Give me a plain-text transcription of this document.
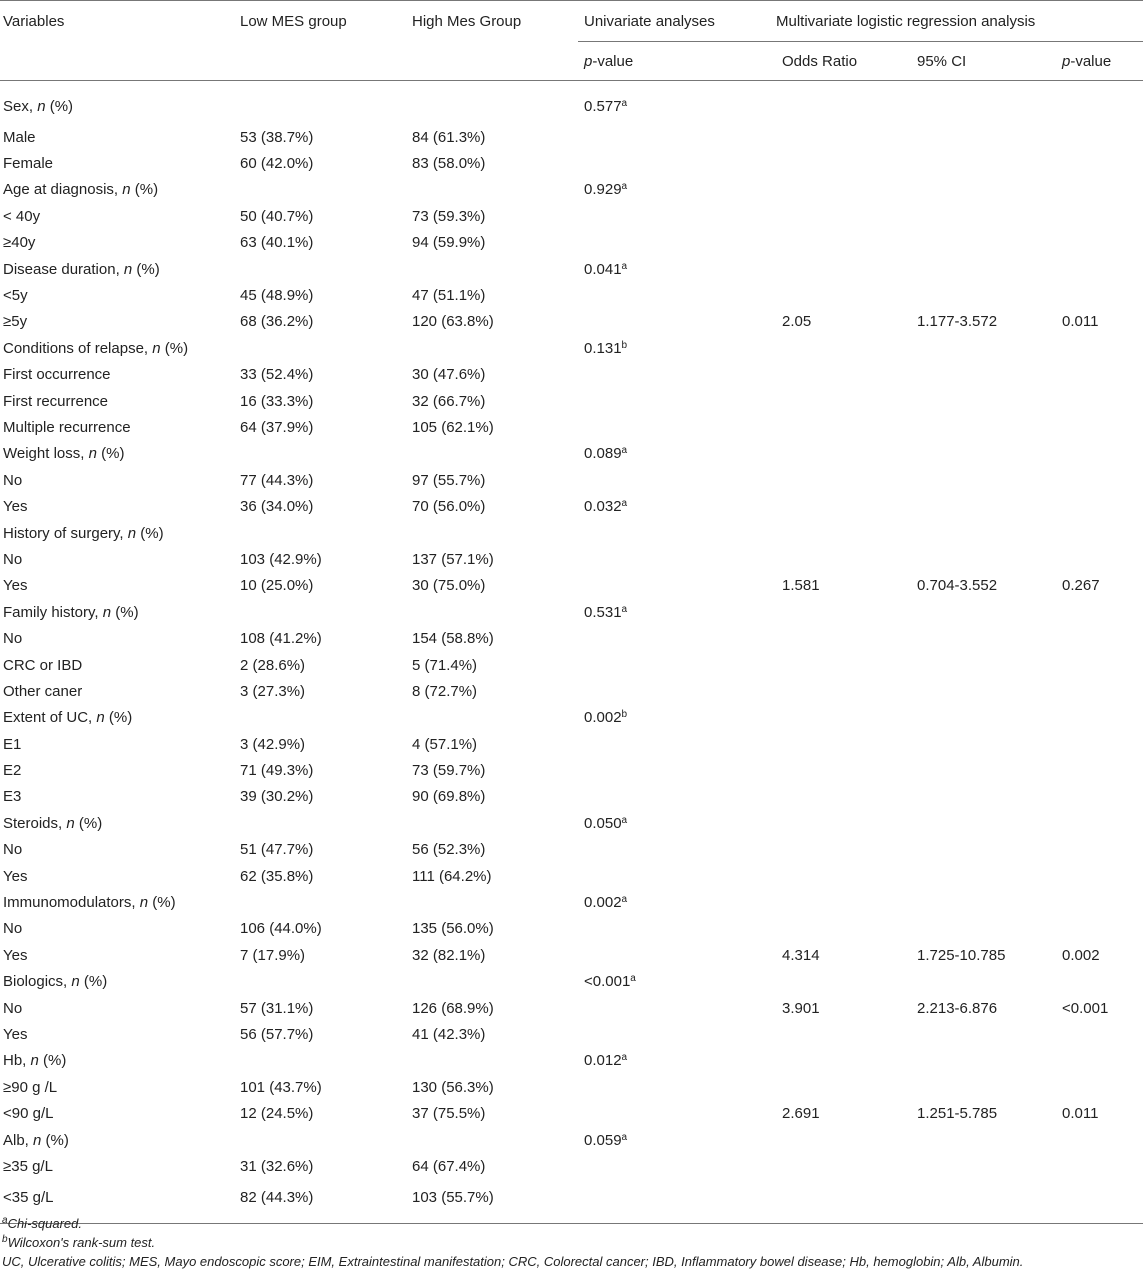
Variables	Low MES group	High Mes Group	Univariate analyses	Multivariate logistic regression analysis		
			p-value	Odds Ratio	95% CI	p-value
Sex, n (%)			0.577$^a$			
Male	53 (38.7%)	84 (61.3%)				
Female	60 (42.0%)	83 (58.0%)				
Age at diagnosis, n (%)			0.929$^a$			
< 40y	50 (40.7%)	73 (59.3%)				
≥40y	63 (40.1%)	94 (59.9%)				
Disease duration, n (%)			0.041$^a$			
<5y	45 (48.9%)	47 (51.1%)				
≥5y	68 (36.2%)	120 (63.8%)		2.05	1.177-3.572	0.011
Conditions of relapse, n (%)			0.131$^b$			
First occurrence	33 (52.4%)	30 (47.6%)				
First recurrence	16 (33.3%)	32 (66.7%)				
Multiple recurrence	64 (37.9%)	105 (62.1%)				
Weight loss, n (%)			0.089$^a$			
No	77 (44.3%)	97 (55.7%)				
Yes	36 (34.0%)	70 (56.0%)	0.032$^a$			
History of surgery, n (%)						
No	103 (42.9%)	137 (57.1%)				
Yes	10 (25.0%)	30 (75.0%)		1.581	0.704-3.552	0.267
Family history, n (%)			0.531$^a$			
No	108 (41.2%)	154 (58.8%)				
CRC or IBD	2 (28.6%)	5 (71.4%)				
Other caner	3 (27.3%)	8 (72.7%)				
Extent of UC, n (%)			0.002$^b$			
E1	3 (42.9%)	4 (57.1%)				
E2	71 (49.3%)	73 (59.7%)				
E3	39 (30.2%)	90 (69.8%)				
Steroids, n (%)			0.050$^a$			
No	51 (47.7%)	56 (52.3%)				
Yes	62 (35.8%)	111 (64.2%)				
Immunomodulators, n (%)			0.002$^a$			
No	106 (44.0%)	135 (56.0%)				
Yes	7 (17.9%)	32 (82.1%)		4.314	1.725-10.785	0.002
Biologics, n (%)			<0.001$^a$			
No	57 (31.1%)	126 (68.9%)		3.901	2.213-6.876	<0.001
Yes	56 (57.7%)	41 (42.3%)				
Hb, n (%)			0.012$^a$			
≥90 g /L	101 (43.7%)	130 (56.3%)				
<90 g/L	12 (24.5%)	37 (75.5%)		2.691	1.251-5.785	0.011
Alb, n (%)			0.059$^a$			
≥35 g/L	31 (32.6%)	64 (67.4%)				
<35 g/L	82 (44.3%)	103 (55.7%)				
$^a$Chi-squared.
$^b$Wilcoxon's rank-sum test.
UC, Ulcerative colitis; MES, Mayo endoscopic score; EIM, Extraintestinal manifestation; CRC, Colorectal cancer; IBD, Inflammatory bowel disease; Hb, hemoglobin; Alb, Albumin.
